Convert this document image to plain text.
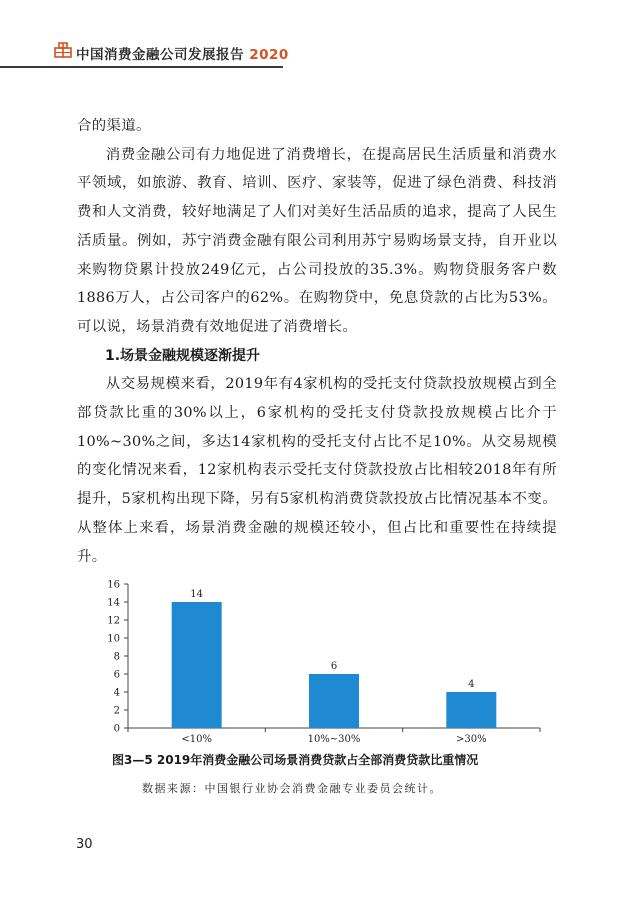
中国消费金融公司发展报告 2020

合的渠道。

消费金融公司有力地促进了消费增长，在提高居民生活质量和消费水平领域，如旅游、教育、培训、医疗、家装等，促进了绿色消费、科技消费和人文消费，较好地满足了人们对美好生活品质的追求，提高了人民生活质量。例如，苏宁消费金融有限公司利用苏宁易购场景支持，自开业以来购物贷累计投放249亿元，占公司投放的35.3%。购物贷服务客户数1886万人，占公司客户的62%。在购物贷中，免息贷款的占比为53%。可以说，场景消费有效地促进了消费增长。

1.场景金融规模逐渐提升

从交易规模来看，2019年有4家机构的受托支付贷款投放规模占到全部贷款比重的30%以上，6家机构的受托支付贷款投放规模占比介于10%~30%之间，多达14家机构的受托支付占比不足10%。从交易规模的变化情况来看，12家机构表示受托支付贷款投放占比相较2018年有所提升，5家机构出现下降，另有5家机构消费贷款投放占比情况基本不变。从整体上来看，场景消费金融的规模还较小，但占比和重要性在持续提升。

0
2
4
6
8
10
12
14
16
14
<10%
6
10%~30%
4
>30%
图3—5 2019年消费金融公司场景消费贷款占全部消费贷款比重情况
数据来源：中国银行业协会消费金融专业委员会统计。
30
